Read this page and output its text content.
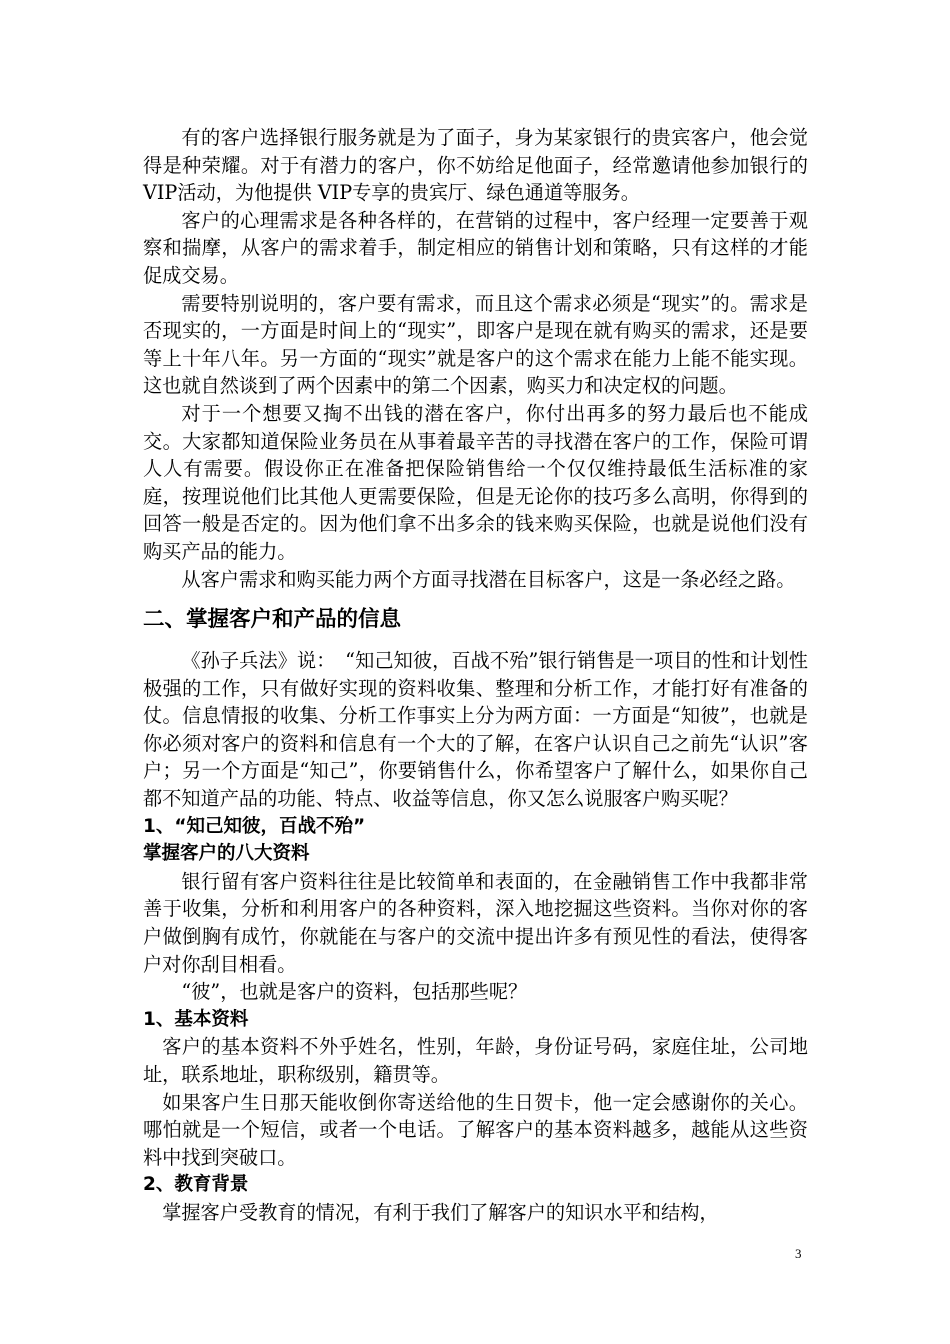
有的客户选择银行服务就是为了面子，身为某家银行的贵宾客户，他会觉得是种荣耀。对于有潜力的客户，你不妨给足他面子，经常邀请他参加银行的VIP活动，为他提供 VIP专享的贵宾厅、绿色通道等服务。

客户的心理需求是各种各样的，在营销的过程中，客户经理一定要善于观察和揣摩，从客户的需求着手，制定相应的销售计划和策略，只有这样的才能促成交易。

需要特别说明的，客户要有需求，而且这个需求必须是“现实”的。需求是否现实的，一方面是时间上的“现实”，即客户是现在就有购买的需求，还是要等上十年八年。另一方面的“现实”就是客户的这个需求在能力上能不能实现。这也就自然谈到了两个因素中的第二个因素，购买力和决定权的问题。

对于一个想要又掏不出钱的潜在客户，你付出再多的努力最后也不能成交。大家都知道保险业务员在从事着最辛苦的寻找潜在客户的工作，保险可谓人人有需要。假设你正在准备把保险销售给一个仅仅维持最低生活标准的家庭，按理说他们比其他人更需要保险，但是无论你的技巧多么高明，你得到的回答一般是否定的。因为他们拿不出多余的钱来购买保险，也就是说他们没有购买产品的能力。

从客户需求和购买能力两个方面寻找潜在目标客户，这是一条必经之路。

二、掌握客户和产品的信息

《孙子兵法》说：　“知己知彼，百战不殆”银行销售是一项目的性和计划性极强的工作，只有做好实现的资料收集、整理和分析工作，才能打好有准备的仗。信息情报的收集、分析工作事实上分为两方面：一方面是“知彼”，也就是你必须对客户的资料和信息有一个大的了解，在客户认识自己之前先“认识”客户；另一个方面是“知己”，你要销售什么，你希望客户了解什么，如果你自己都不知道产品的功能、特点、收益等信息，你又怎么说服客户购买呢？

1、“知己知彼，百战不殆”
掌握客户的八大资料

银行留有客户资料往往是比较简单和表面的，在金融销售工作中我都非常善于收集，分析和利用客户的各种资料，深入地挖掘这些资料。当你对你的客户做倒胸有成竹，你就能在与客户的交流中提出许多有预见性的看法，使得客户对你刮目相看。

“彼”，也就是客户的资料，包括那些呢？

1、基本资料

客户的基本资料不外乎姓名，性别，年龄，身份证号码，家庭住址，公司地址，联系地址，职称级别，籍贯等。

如果客户生日那天能收倒你寄送给他的生日贺卡，他一定会感谢你的关心。哪怕就是一个短信，或者一个电话。了解客户的基本资料越多，越能从这些资料中找到突破口。

2、教育背景

掌握客户受教育的情况，有利于我们了解客户的知识水平和结构，

3
